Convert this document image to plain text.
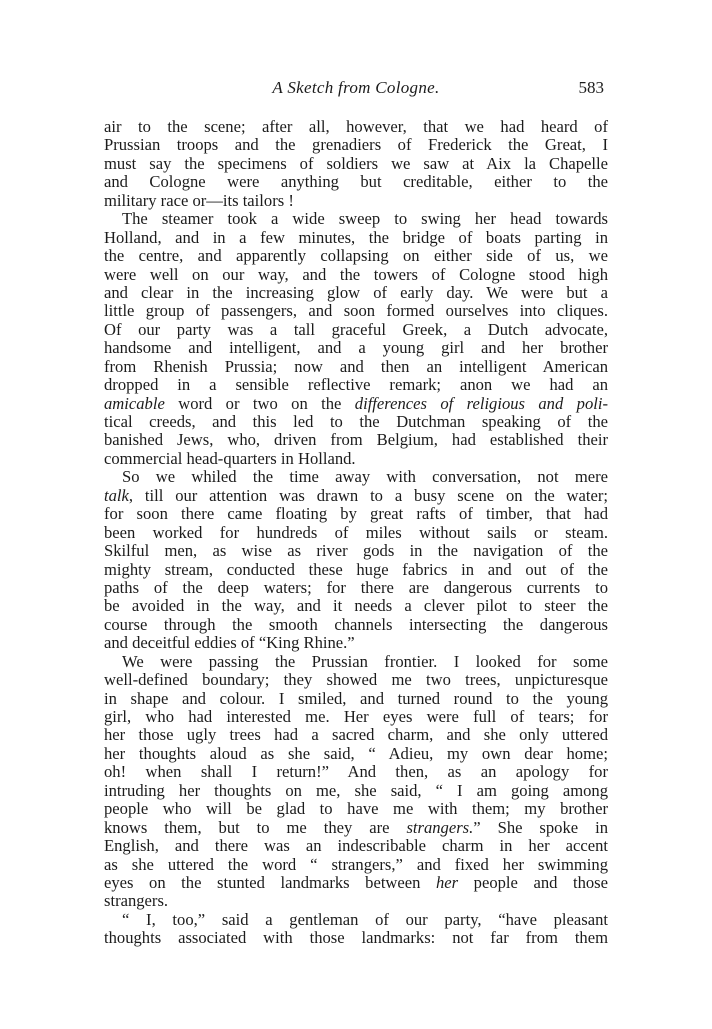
A Sketch from Cologne.	583
air to the scene; after all, however, that we had heard of
Prussian troops and the grenadiers of Frederick the Great, I
must say the specimens of soldiers we saw at Aix la Chapelle
and Cologne were anything but creditable, either to the
military race or—its tailors !
The steamer took a wide sweep to swing her head towards
Holland, and in a few minutes, the bridge of boats parting in
the centre, and apparently collapsing on either side of us, we
were well on our way, and the towers of Cologne stood high
and clear in the increasing glow of early day. We were but a
little group of passengers, and soon formed ourselves into cliques.
Of our party was a tall graceful Greek, a Dutch advocate,
handsome and intelligent, and a young girl and her brother
from Rhenish Prussia; now and then an intelligent American
dropped in a sensible reflective remark; anon we had an
amicable word or two on the differences of religious and poli-
tical creeds, and this led to the Dutchman speaking of the
banished Jews, who, driven from Belgium, had established their
commercial head-quarters in Holland.
So we whiled the time away with conversation, not mere
talk, till our attention was drawn to a busy scene on the water;
for soon there came floating by great rafts of timber, that had
been worked for hundreds of miles without sails or steam.
Skilful men, as wise as river gods in the navigation of the
mighty stream, conducted these huge fabrics in and out of the
paths of the deep waters; for there are dangerous currents to
be avoided in the way, and it needs a clever pilot to steer the
course through the smooth channels intersecting the dangerous
and deceitful eddies of “King Rhine.”
We were passing the Prussian frontier. I looked for some
well-defined boundary; they showed me two trees, unpicturesque
in shape and colour. I smiled, and turned round to the young
girl, who had interested me. Her eyes were full of tears; for
her those ugly trees had a sacred charm, and she only uttered
her thoughts aloud as she said, “ Adieu, my own dear home;
oh! when shall I return!” And then, as an apology for
intruding her thoughts on me, she said, “ I am going among
people who will be glad to have me with them; my brother
knows them, but to me they are strangers.” She spoke in
English, and there was an indescribable charm in her accent
as she uttered the word “ strangers,” and fixed her swimming
eyes on the stunted landmarks between her people and those
strangers.
“ I, too,” said a gentleman of our party, “have pleasant
thoughts associated with those landmarks: not far from them
